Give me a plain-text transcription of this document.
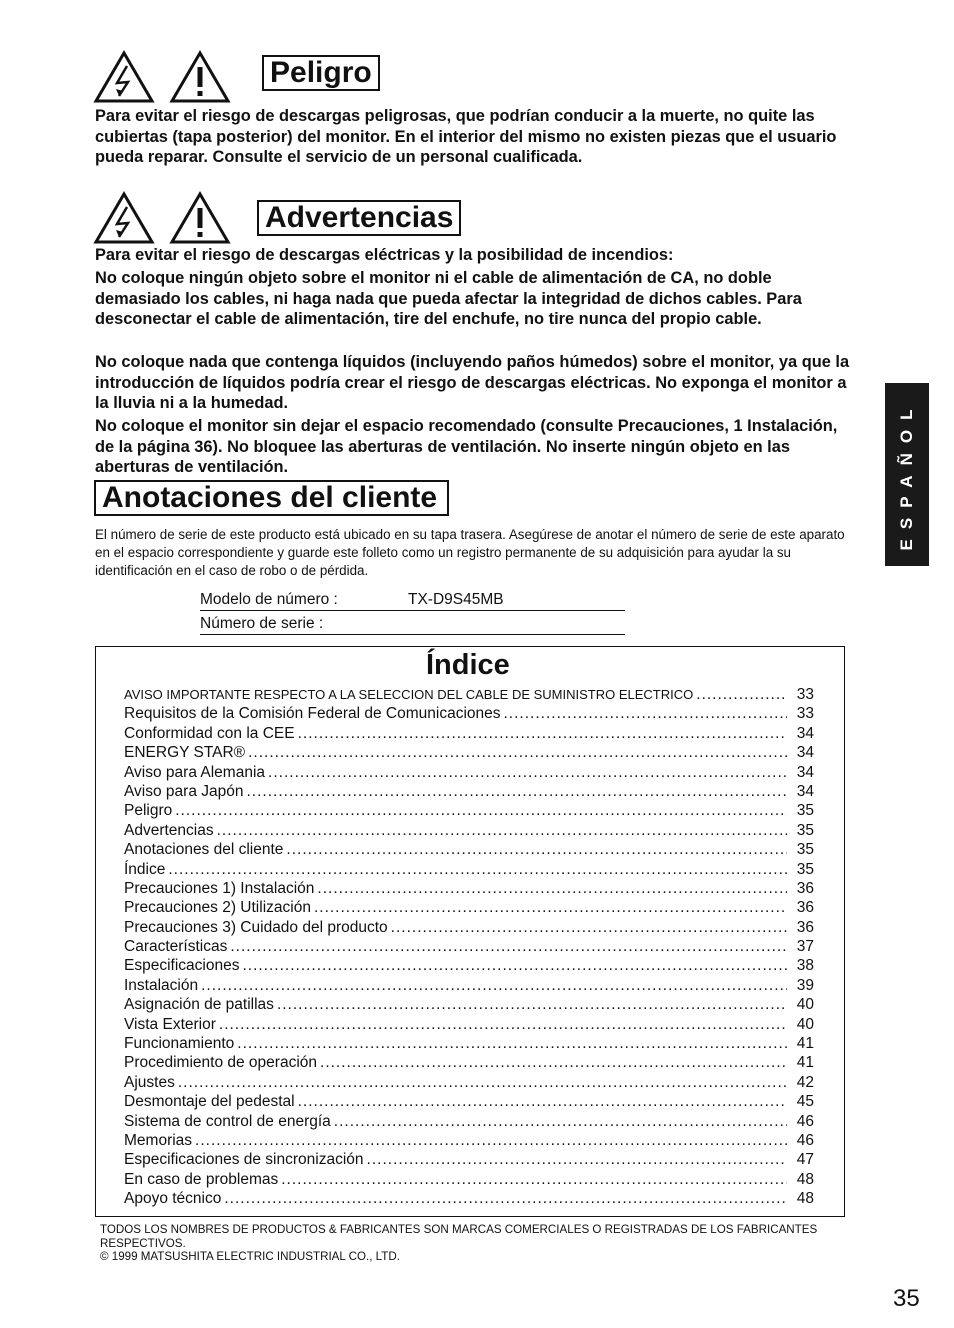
Peligro
Para evitar el riesgo de descargas peligrosas, que podrían conducir a la muerte, no quite las cubiertas (tapa posterior) del monitor. En el interior del mismo no existen piezas que el usuario pueda reparar. Consulte el servicio de un personal cualificada.
Advertencias
Para evitar el riesgo de descargas eléctricas y la posibilidad de incendios:
No coloque ningún objeto sobre el monitor ni el cable de alimentación de CA, no doble demasiado los cables, ni haga nada que pueda afectar la integridad de dichos cables. Para desconectar el cable de alimentación, tire del enchufe, no tire nunca del propio cable.
No coloque nada que contenga líquidos (incluyendo paños húmedos) sobre el monitor, ya que la introducción de líquidos podría crear el riesgo de descargas eléctricas. No exponga el monitor a la lluvia ni a la humedad.
No coloque el monitor sin dejar el espacio recomendado (consulte Precauciones, 1 Instalación, de la página 36). No bloquee las aberturas de ventilación. No inserte ningún objeto en las aberturas de ventilación.
Anotaciones del cliente
El número de serie de este producto está ubicado en su tapa trasera. Asegúrese de anotar el número de serie de este aparato en el espacio correspondiente y guarde este folleto como un registro permanente de su adquisición para ayudar la su identificación en el caso de robo o de pérdida.
Modelo de número :	TX-D9S45MB
Número de serie :
Índice
AVISO IMPORTANTE RESPECTO A LA SELECCION DEL CABLE DE SUMINISTRO ELECTRICO .....	33
Requisitos de la Comisión Federal de Comunicaciones .....	33
Conformidad con la CEE .....	34
ENERGY STAR® .....	34
Aviso para Alemania .....	34
Aviso para Japón .....	34
Peligro .....	35
Advertencias .....	35
Anotaciones del cliente .....	35
Índice .....	35
Precauciones 1) Instalación .....	36
Precauciones 2) Utilización .....	36
Precauciones 3) Cuidado del producto .....	36
Características .....	37
Especificaciones .....	38
Instalación .....	39
Asignación de patillas .....	40
Vista Exterior .....	40
Funcionamiento .....	41
Procedimiento de operación .....	41
Ajustes .....	42
Desmontaje del pedestal .....	45
Sistema de control de energía .....	46
Memorias .....	46
Especificaciones de sincronización .....	47
En caso de problemas .....	48
Apoyo técnico .....	48
ESPAÑOL
TODOS LOS NOMBRES DE PRODUCTOS & FABRICANTES SON MARCAS COMERCIALES O REGISTRADAS DE LOS FABRICANTES RESPECTIVOS.
© 1999 MATSUSHITA ELECTRIC INDUSTRIAL CO., LTD.
35
